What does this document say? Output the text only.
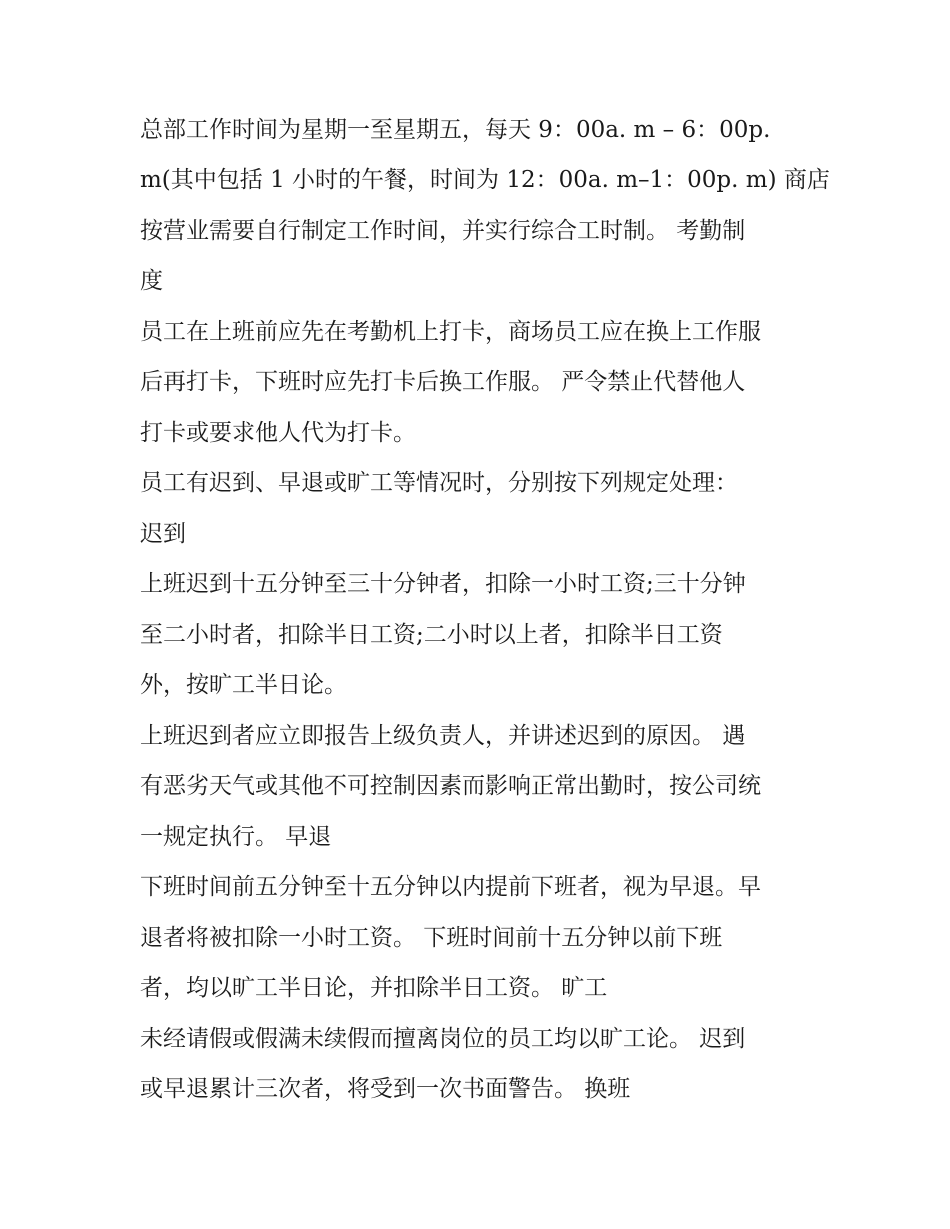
总部工作时间为星期一至星期五，每天 9：00a. m – 6：00p.

m(其中包括 1 小时的午餐，时间为 12：00a. m–1：00p. m) 商店

按营业需要自行制定工作时间，并实行综合工时制。 考勤制

度

员工在上班前应先在考勤机上打卡，商场员工应在换上工作服

后再打卡，下班时应先打卡后换工作服。 严令禁止代替他人

打卡或要求他人代为打卡。

员工有迟到、早退或旷工等情况时，分别按下列规定处理：

迟到

上班迟到十五分钟至三十分钟者，扣除一小时工资;三十分钟

至二小时者，扣除半日工资;二小时以上者，扣除半日工资

外，按旷工半日论。

上班迟到者应立即报告上级负责人，并讲述迟到的原因。 遇

有恶劣天气或其他不可控制因素而影响正常出勤时，按公司统

一规定执行。 早退

下班时间前五分钟至十五分钟以内提前下班者，视为早退。早

退者将被扣除一小时工资。 下班时间前十五分钟以前下班

者，均以旷工半日论，并扣除半日工资。 旷工

未经请假或假满未续假而擅离岗位的员工均以旷工论。 迟到

或早退累计三次者，将受到一次书面警告。 换班
